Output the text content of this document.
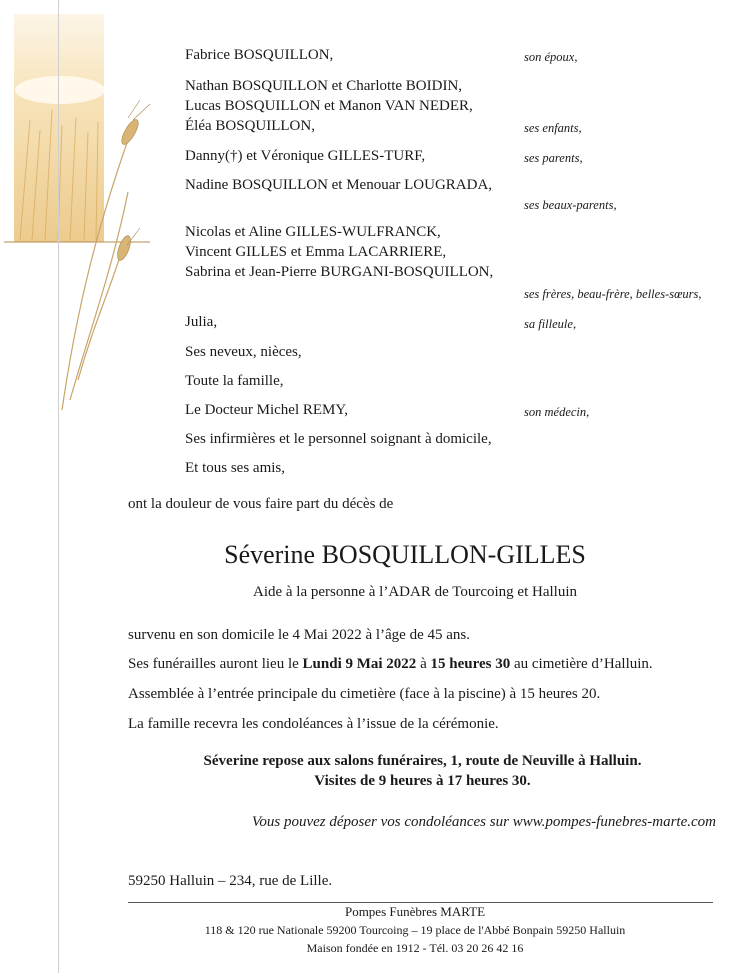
Fabrice BOSQUILLON,
Nathan BOSQUILLON et Charlotte BOIDIN,
Lucas BOSQUILLON et Manon VAN NEDER,
Éléa BOSQUILLON,
Danny(†) et Véronique GILLES-TURF,
Nadine BOSQUILLON et Menouar LOUGRADA,
Nicolas et Aline GILLES-WULFRANCK,
Vincent GILLES et Emma LACARRIERE,
Sabrina et Jean-Pierre BURGANI-BOSQUILLON,
Julia,
Ses neveux, nièces,
Toute la famille,
Le Docteur Michel REMY,
Ses infirmières et le personnel soignant à domicile,
Et tous ses amis,
son époux,
ses enfants,
ses parents,
ses beaux-parents,
ses frères, beau-frère, belles-sœurs,
sa filleule,
son médecin,
ont la douleur de vous faire part du décès de
Séverine BOSQUILLON-GILLES
Aide à la personne à l’ADAR de Tourcoing et Halluin
survenu en son domicile le 4 Mai 2022 à l’âge de 45 ans.
Ses funérailles auront lieu le Lundi 9 Mai 2022 à 15 heures 30 au cimetière d’Halluin.
Assemblée à l’entrée principale du cimetière (face à la piscine) à 15 heures 20.
La famille recevra les condoléances à l’issue de la cérémonie.
Séverine repose aux salons funéraires, 1, route de Neuville à Halluin.
Visites de 9 heures à 17 heures 30.
Vous pouvez déposer vos condoléances sur www.pompes-funebres-marte.com
59250 Halluin – 234, rue de Lille.
Pompes Funèbres MARTE
118 & 120 rue Nationale 59200 Tourcoing – 19 place de l'Abbé Bonpain 59250 Halluin
Maison fondée en 1912 - Tél. 03 20 26 42 16
